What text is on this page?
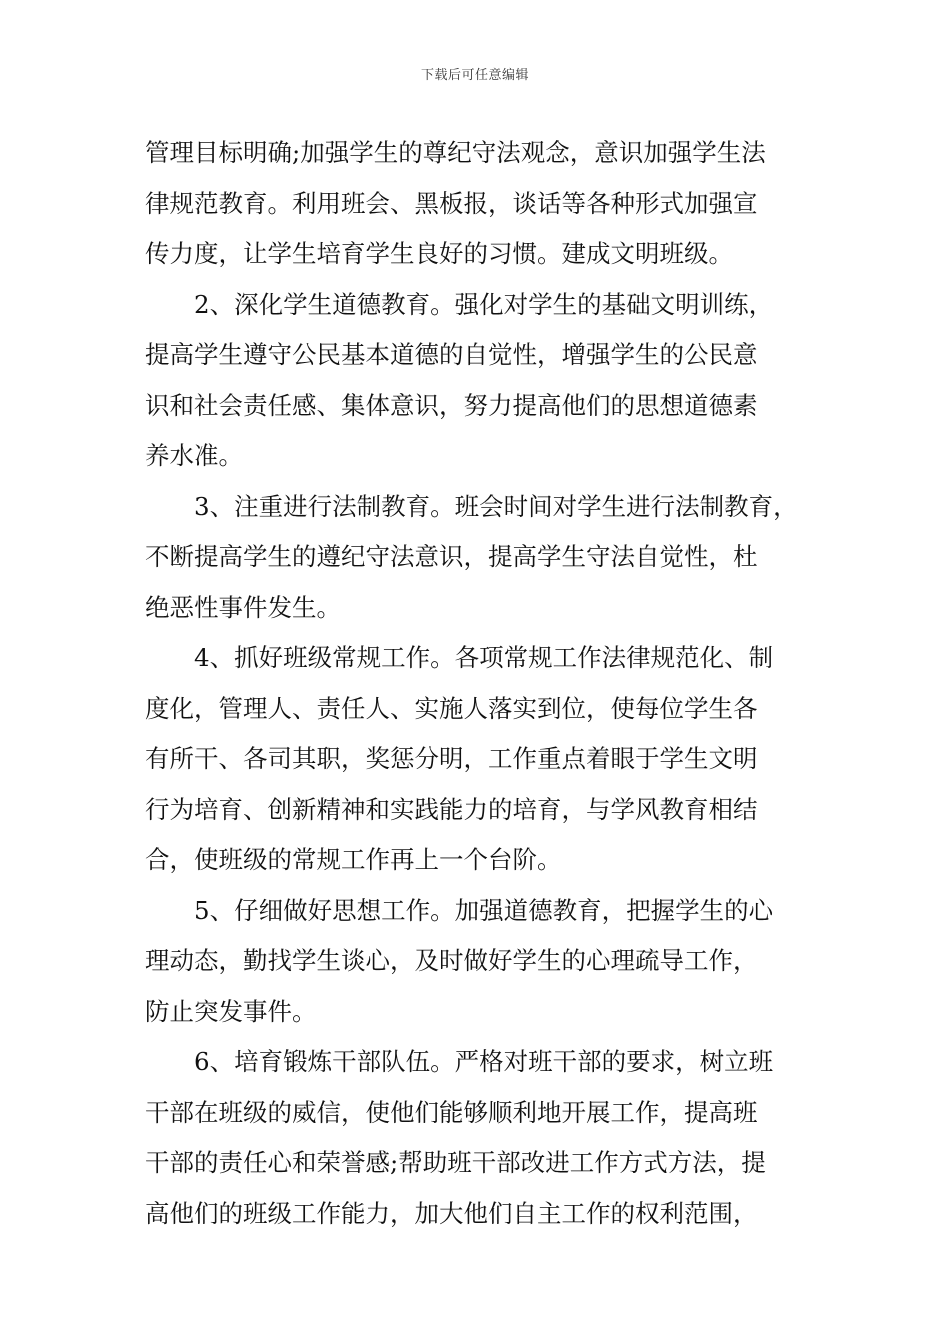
下载后可任意编辑
管理目标明确;加强学生的尊纪守法观念，意识加强学生法
律规范教育。利用班会、黑板报，谈话等各种形式加强宣
传力度，让学生培育学生良好的习惯。建成文明班级。
2、深化学生道德教育。强化对学生的基础文明训练，
提高学生遵守公民基本道德的自觉性，增强学生的公民意
识和社会责任感、集体意识，努力提高他们的思想道德素
养水准。
3、注重进行法制教育。班会时间对学生进行法制教育，
不断提高学生的遵纪守法意识，提高学生守法自觉性，杜
绝恶性事件发生。
4、抓好班级常规工作。各项常规工作法律规范化、制
度化，管理人、责任人、实施人落实到位，使每位学生各
有所干、各司其职，奖惩分明，工作重点着眼于学生文明
行为培育、创新精神和实践能力的培育，与学风教育相结
合，使班级的常规工作再上一个台阶。
5、仔细做好思想工作。加强道德教育，把握学生的心
理动态，勤找学生谈心，及时做好学生的心理疏导工作，
防止突发事件。
6、培育锻炼干部队伍。严格对班干部的要求，树立班
干部在班级的威信，使他们能够顺利地开展工作，提高班
干部的责任心和荣誉感;帮助班干部改进工作方式方法，提
高他们的班级工作能力，加大他们自主工作的权利范围，
